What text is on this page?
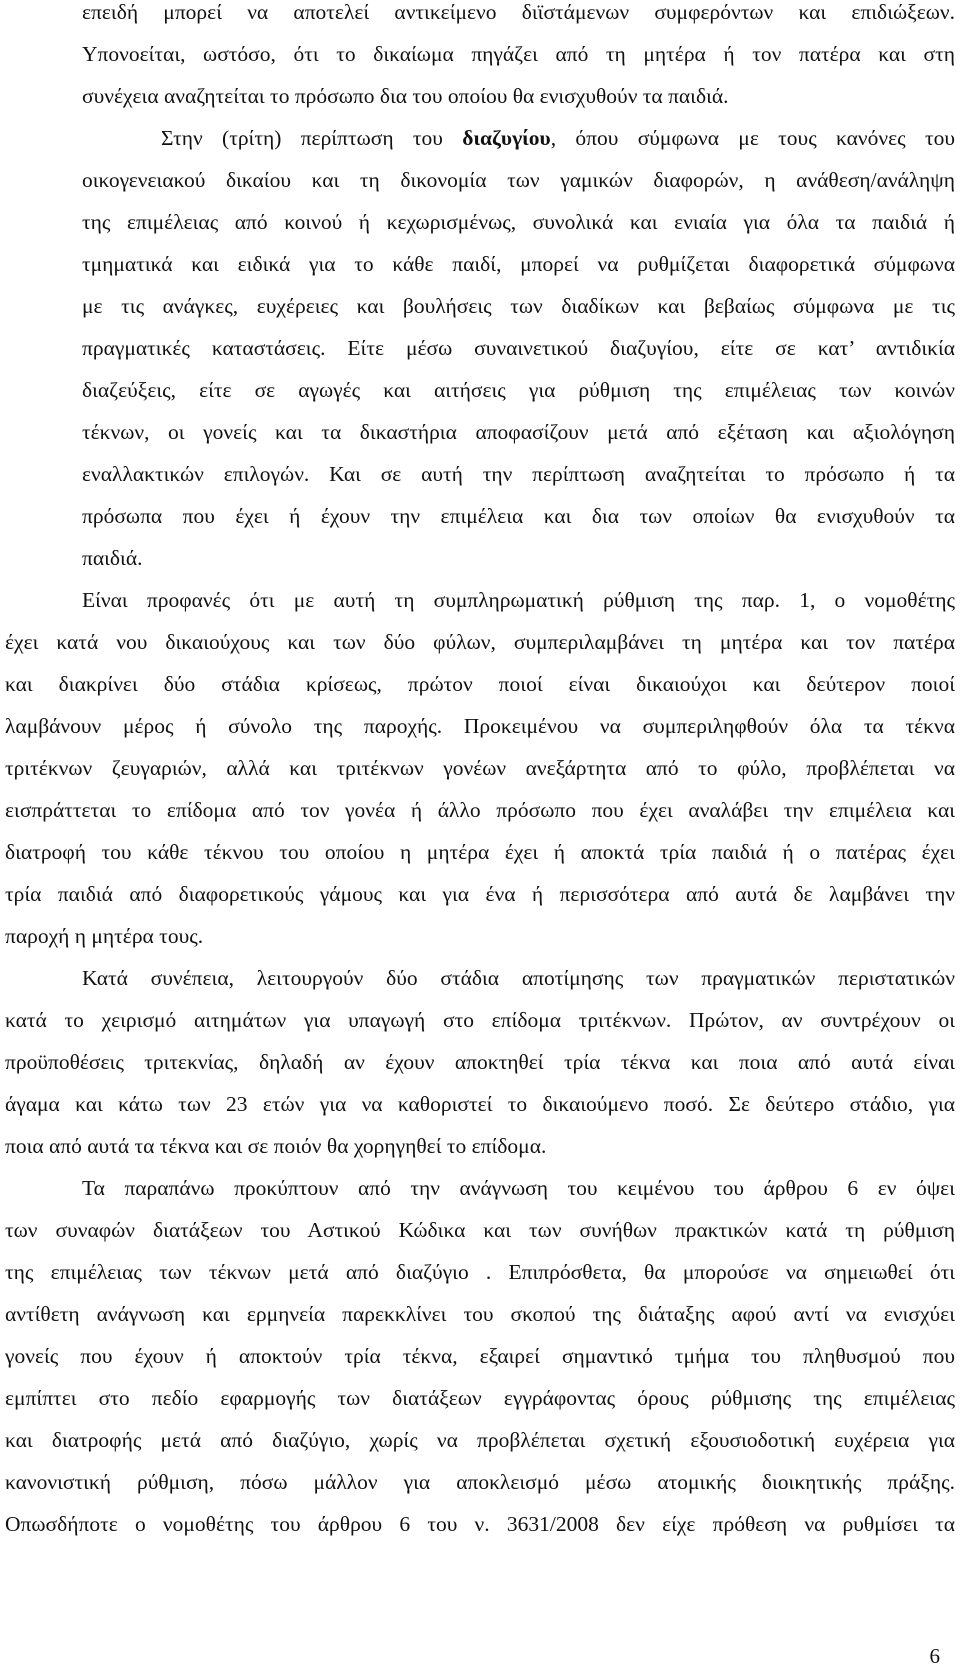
επειδή μπορεί να αποτελεί αντικείμενο διϊστάμενων συμφερόντων και επιδιώξεων.
Υπονοείται, ωστόσο, ότι το δικαίωμα πηγάζει από τη μητέρα ή τον πατέρα και στη
συνέχεια αναζητείται το πρόσωπο δια του οποίου θα ενισχυθούν τα παιδιά.
Στην (τρίτη) περίπτωση του διαζυγίου, όπου σύμφωνα με τους κανόνες του
οικογενειακού δικαίου και τη δικονομία των γαμικών διαφορών, η ανάθεση/ανάληψη
της επιμέλειας από κοινού ή κεχωρισμένως, συνολικά και ενιαία για όλα τα παιδιά ή
τμηματικά και ειδικά για το κάθε παιδί, μπορεί να ρυθμίζεται διαφορετικά σύμφωνα
με τις ανάγκες, ευχέρειες και βουλήσεις των διαδίκων και βεβαίως σύμφωνα με τις
πραγματικές καταστάσεις. Είτε μέσω συναινετικού διαζυγίου, είτε σε κατ’ αντιδικία
διαζεύξεις, είτε σε αγωγές και αιτήσεις για ρύθμιση της επιμέλειας των κοινών
τέκνων, οι γονείς και τα δικαστήρια αποφασίζουν μετά από εξέταση και αξιολόγηση
εναλλακτικών επιλογών. Και σε αυτή την περίπτωση αναζητείται το πρόσωπο ή τα
πρόσωπα που έχει ή έχουν την επιμέλεια και δια των οποίων θα ενισχυθούν τα
παιδιά.
Είναι προφανές ότι με αυτή τη συμπληρωματική ρύθμιση της παρ. 1, ο νομοθέτης
έχει κατά νου δικαιούχους και των δύο φύλων, συμπεριλαμβάνει τη μητέρα και τον πατέρα
και διακρίνει δύο στάδια κρίσεως, πρώτον ποιοί είναι δικαιούχοι και δεύτερον ποιοί
λαμβάνουν μέρος ή σύνολο της παροχής. Προκειμένου να συμπεριληφθούν όλα τα τέκνα
τριτέκνων ζευγαριών, αλλά και τριτέκνων γονέων ανεξάρτητα από το φύλο, προβλέπεται να
εισπράττεται το επίδομα από τον γονέα ή άλλο πρόσωπο που έχει αναλάβει την επιμέλεια και
διατροφή του κάθε τέκνου του οποίου η μητέρα έχει ή αποκτά τρία παιδιά ή ο πατέρας έχει
τρία παιδιά από διαφορετικούς γάμους και για ένα ή περισσότερα από αυτά δε λαμβάνει την
παροχή η μητέρα τους.
Κατά συνέπεια, λειτουργούν δύο στάδια αποτίμησης των πραγματικών περιστατικών
κατά το χειρισμό αιτημάτων για υπαγωγή στο επίδομα τριτέκνων. Πρώτον, αν συντρέχουν οι
προϋποθέσεις τριτεκνίας, δηλαδή αν έχουν αποκτηθεί τρία τέκνα και ποια από αυτά είναι
άγαμα και κάτω των 23 ετών για να καθοριστεί το δικαιούμενο ποσό. Σε δεύτερο στάδιο, για
ποια από αυτά τα τέκνα και σε ποιόν θα χορηγηθεί το επίδομα.
Τα παραπάνω προκύπτουν από την ανάγνωση του κειμένου του άρθρου 6 εν όψει
των συναφών διατάξεων του Αστικού Κώδικα και των συνήθων πρακτικών κατά τη ρύθμιση
της επιμέλειας των τέκνων μετά από διαζύγιο . Επιπρόσθετα, θα μπορούσε να σημειωθεί ότι
αντίθετη ανάγνωση και ερμηνεία παρεκκλίνει του σκοπού της διάταξης αφού αντί να ενισχύει
γονείς που έχουν ή αποκτούν τρία τέκνα, εξαιρεί σημαντικό τμήμα του πληθυσμού που
εμπίπτει στο πεδίο εφαρμογής των διατάξεων εγγράφοντας όρους ρύθμισης της επιμέλειας
και διατροφής μετά από διαζύγιο, χωρίς να προβλέπεται σχετική εξουσιοδοτική ευχέρεια για
κανονιστική ρύθμιση, πόσω μάλλον για αποκλεισμό μέσω ατομικής διοικητικής πράξης.
Οπωσδήποτε ο νομοθέτης του άρθρου 6 του ν. 3631/2008 δεν είχε πρόθεση να ρυθμίσει τα
6
